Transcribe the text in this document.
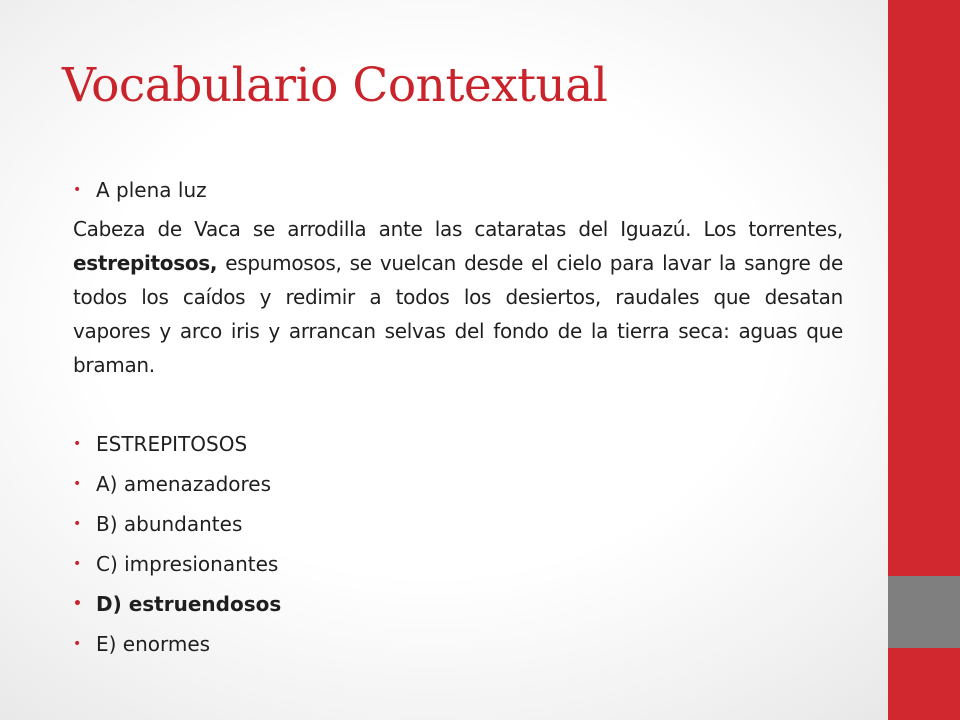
Vocabulario Contextual
• A plena luz

Cabeza de Vaca se arrodilla ante las cataratas del Iguazú. Los torrentes, estrepitosos, espumosos, se vuelcan desde el cielo para lavar la sangre de todos los caídos y redimir a todos los desiertos, raudales que desatan vapores y arco iris y arrancan selvas del fondo de la tierra seca: aguas que braman.

• ESTREPITOSOS
• A) amenazadores
• B) abundantes
• C) impresionantes
• D) estruendosos
• E) enormes
